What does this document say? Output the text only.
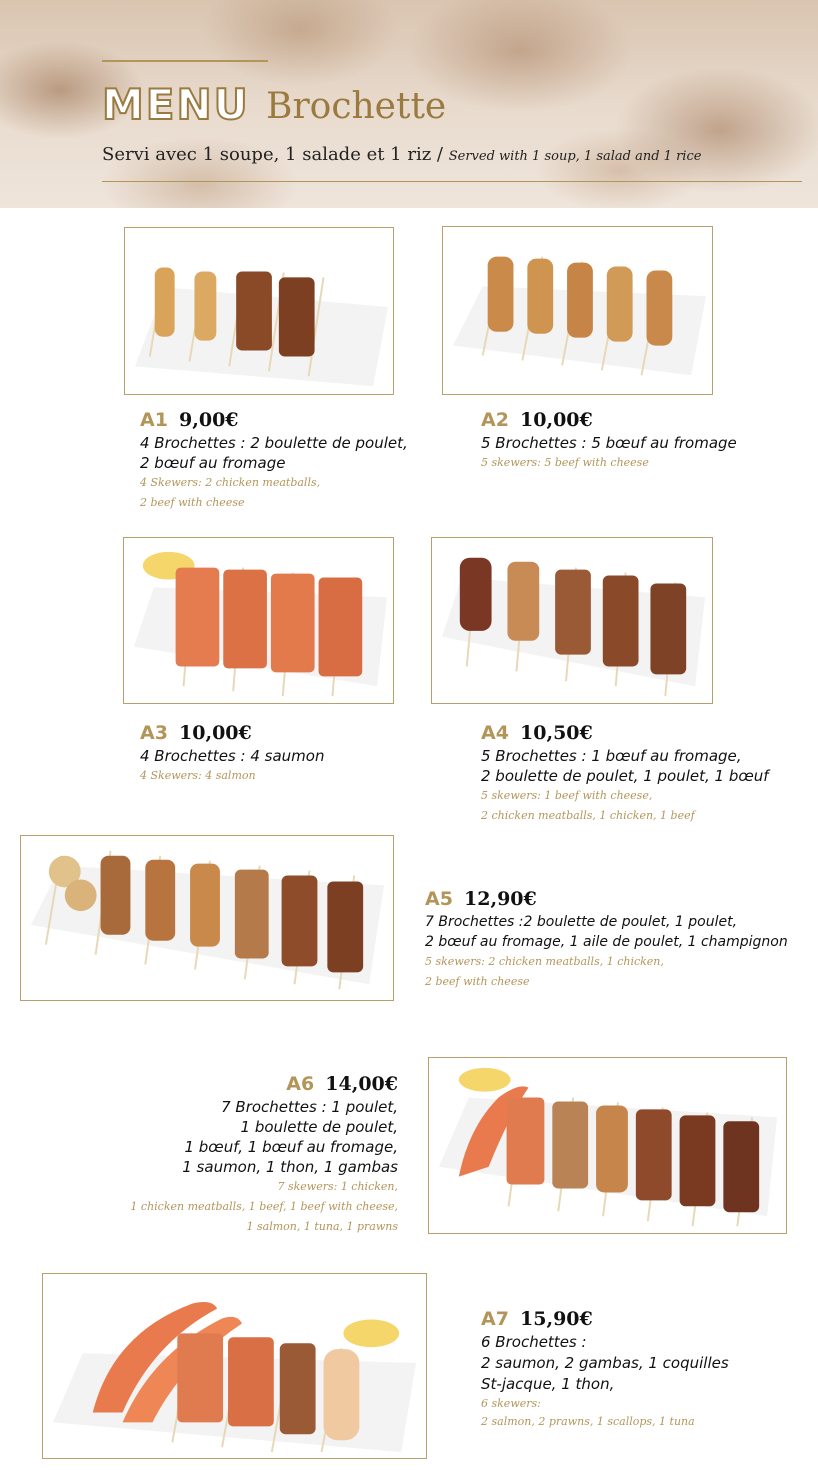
MENU Brochette
Servi avec 1 soupe, 1 salade et 1 riz / Served with 1 soup, 1 salad and 1 rice
A1 9,00€
4 Brochettes : 2 boulette de poulet,
2 bœuf au fromage
4 Skewers: 2 chicken meatballs,
2 beef with cheese
A2 10,00€
5 Brochettes : 5 bœuf au fromage
5 skewers: 5 beef with cheese
A3 10,00€
4 Brochettes : 4 saumon
4 Skewers: 4 salmon
A4 10,50€
5 Brochettes : 1 bœuf au fromage,
2 boulette de poulet, 1 poulet, 1 bœuf
5 skewers: 1 beef with cheese,
2 chicken meatballs, 1 chicken, 1 beef
A5 12,90€
7 Brochettes :2 boulette de poulet, 1 poulet,
2 bœuf au fromage, 1 aile de poulet, 1 champignon
5 skewers: 2 chicken meatballs, 1 chicken,
2 beef with cheese
A6 14,00€
7 Brochettes : 1 poulet,
1 boulette de poulet,
1 bœuf, 1 bœuf au fromage,
1 saumon, 1 thon, 1 gambas
7 skewers: 1 chicken,
1 chicken meatballs, 1 beef, 1 beef with cheese,
1 salmon, 1 tuna, 1 prawns
A7 15,90€
6 Brochettes :
2 saumon, 2 gambas, 1 coquilles
St-jacque, 1 thon,
6 skewers:
2 salmon, 2 prawns, 1 scallops, 1 tuna
